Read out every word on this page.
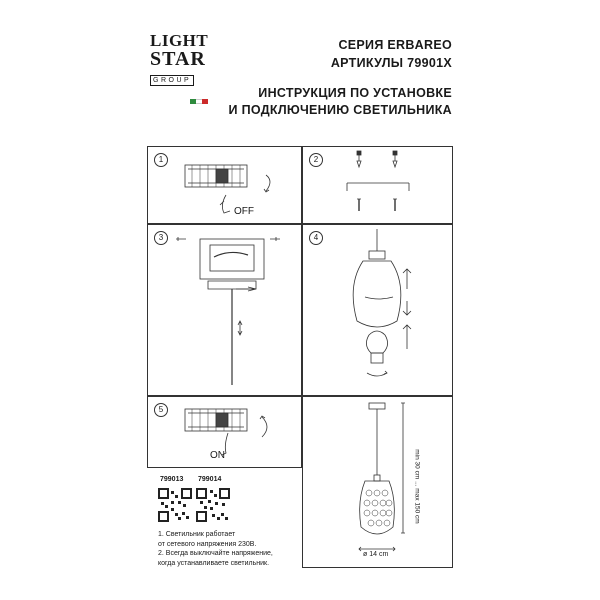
LIGHT
STAR
GROUP
СЕРИЯ ERBAREO
АРТИКУЛЫ 79901X
ИНСТРУКЦИЯ ПО УСТАНОВКЕ
И ПОДКЛЮЧЕНИЮ СВЕТИЛЬНИКА
1
OFF
2
3	4
5
ON	min 30 cm ... max 150 cm
ø 14 cm
799013 799014
1. Светильник работает
от сетевого напряжения 230В.
2. Всегда выключайте напряжение,
когда устанавливаете светильник.
